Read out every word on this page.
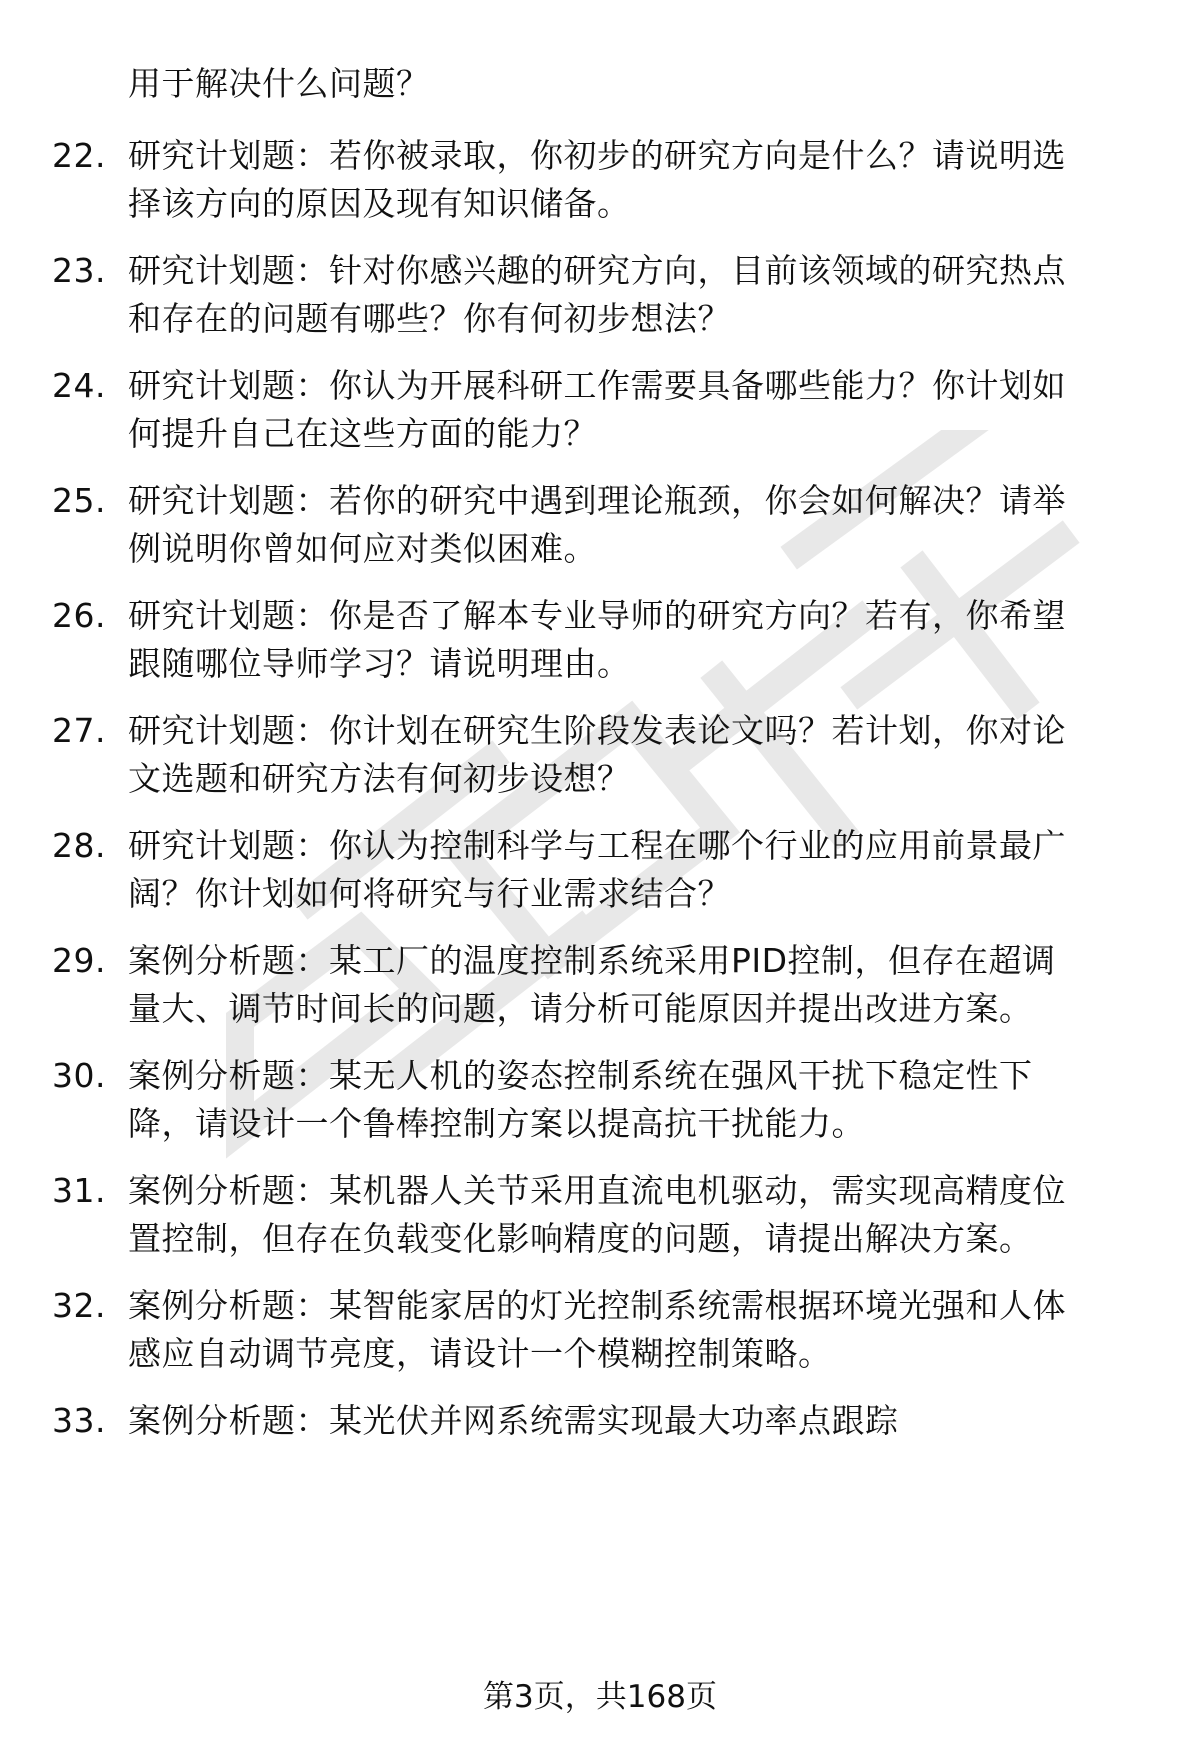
用于解决什么问题？
22. 研究计划题：若你被录取，你初步的研究方向是什么？请说明选
择该方向的原因及现有知识储备。
23. 研究计划题：针对你感兴趣的研究方向，目前该领域的研究热点
和存在的问题有哪些？你有何初步想法？
24. 研究计划题：你认为开展科研工作需要具备哪些能力？你计划如
何提升自己在这些方面的能力？
25. 研究计划题：若你的研究中遇到理论瓶颈，你会如何解决？请举
例说明你曾如何应对类似困难。
26. 研究计划题：你是否了解本专业导师的研究方向？若有，你希望
跟随哪位导师学习？请说明理由。
27. 研究计划题：你计划在研究生阶段发表论文吗？若计划，你对论
文选题和研究方法有何初步设想？
28. 研究计划题：你认为控制科学与工程在哪个行业的应用前景最广
阔？你计划如何将研究与行业需求结合？
29. 案例分析题：某工厂的温度控制系统采用PID控制，但存在超调
量大、调节时间长的问题，请分析可能原因并提出改进方案。
30. 案例分析题：某无人机的姿态控制系统在强风干扰下稳定性下
降，请设计一个鲁棒控制方案以提高抗干扰能力。
31. 案例分析题：某机器人关节采用直流电机驱动，需实现高精度位
置控制，但存在负载变化影响精度的问题，请提出解决方案。
32. 案例分析题：某智能家居的灯光控制系统需根据环境光强和人体
感应自动调节亮度，请设计一个模糊控制策略。
33. 案例分析题：某光伏并网系统需实现最大功率点跟踪
第3页，共168页
